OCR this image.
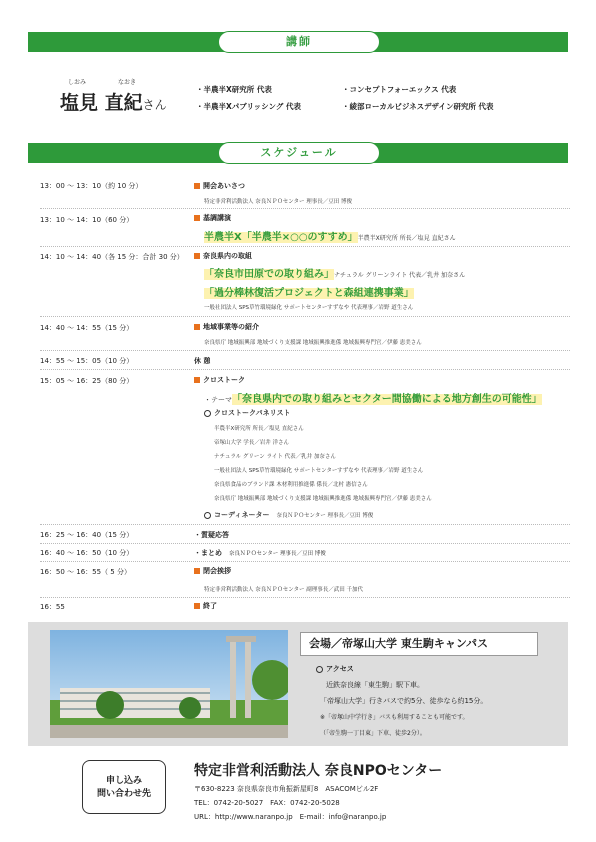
講師
しおみ	なおき
塩見 直紀さん
・ 半農半X研究所 代表
・ 半農半Xパブリッシング 代表
・ コンセプトフォーエックス 代表
・ 綾部ローカルビジネスデザイン研究所 代表
スケジュール
13：00 ～ 13：10（約 10 分）	開会あいさつ
特定非営利活動法人 奈良ＮＰＯセンター 理事長／豆田 博俊
13：10 ～ 14：10（60 分）	基調講演
半農半X「半農半×○○のすすめ」半農半X研究所 所長／塩見 直紀さん
14：10 ～ 14：40（各 15 分：合計 30 分）	奈良県内の取組
「奈良市田原での取り組み」ナチュラル グリーンライト 代表／乳井 加奈さん
「過分棒林復活プロジェクトと森組連携事業」
一般社団法人 SPS草竹環境緑化 サポートセンターすずなや 代表理事／岩野 道生さん
14：40 ～ 14：55（15 分）	地域事業等の紹介
奈良県庁 地域振興部 地域づくり支援課 地域振興推進係 地域振興専門官／伊藤 恵美さん
14：55 ～ 15：05（10 分）	休 憩
15：05 ～ 16：25（80 分）	クロストーク
・テーマ「奈良県内での取り組みとセクター間協働による地方創生の可能性」
クロストークパネリスト
半農半X研究所 所長／塩見 直紀さん
帝塚山大学 学長／岩井 洋さん
ナチュラル グリーン ライト 代表／乳井 加奈さん
一般社団法人 SPS草竹環境緑化 サポートセンターすずなや 代表理事／岩野 道生さん
奈良県食品のブランド課 木材利用推進係 係長／北村 憲信さん
奈良県庁 地域振興部 地域づくり支援課 地域振興推進係 地域振興専門官／伊藤 恵美さん
コーディネーター　 奈良ＮＰＯセンター 理事長／豆田 博俊
16：25 ～ 16：40（15 分）	・質疑応答
16：40 ～ 16：50（10 分）	・まとめ　 奈良ＮＰＯセンター 理事長／豆田 博俊
16：50 ～ 16：55（ 5 分）	閉会挨拶
特定非営利活動法人 奈良ＮＰＯセンター 副理事長／武田 千加代
16：55	終了
会場／帝塚山大学 東生駒キャンパス
アクセス
近鉄奈良線「東生駒」駅下車。
「帝塚山大学」行きバスで約5分、徒歩なら約15分。
※「帝塚山中学行き」バスも利用することも可能です。
（「帝生駒一丁目東」下車、徒歩2分）。
申し込み
問い合わせ先
特定非営利活動法人 奈良NPOセンター
〒630-8223 奈良県奈良市角振新屋町8　ASACOMビル2F
TEL：0742-20-5027　FAX：0742-20-5028
URL：http://www.naranpo.jp　E-mail：info@naranpo.jp
